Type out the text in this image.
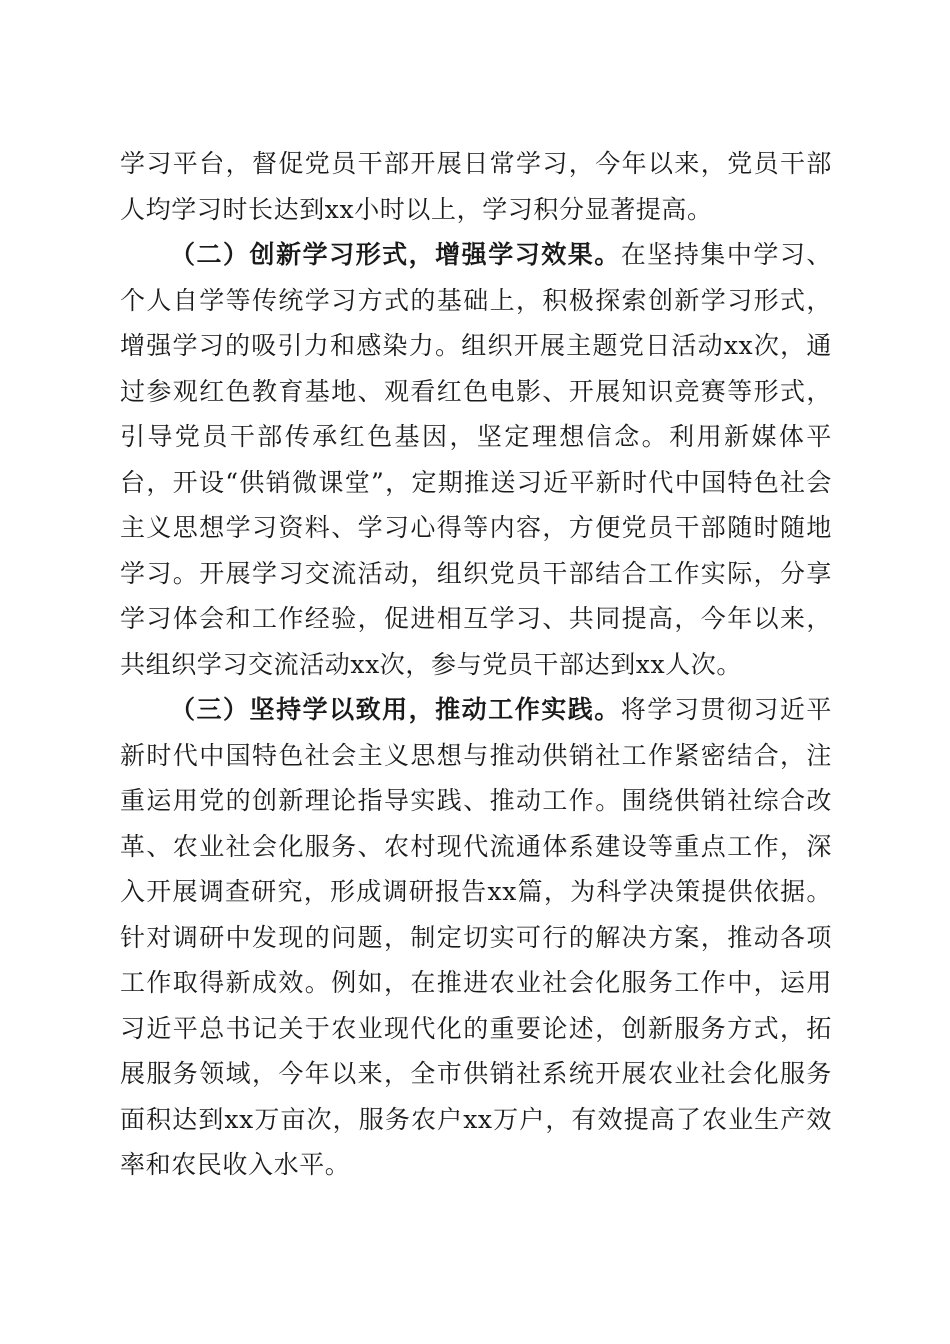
学习平台，督促党员干部开展日常学习，今年以来，党员干部人均学习时长达到xx小时以上，学习积分显著提高。

（二）创新学习形式，增强学习效果。在坚持集中学习、个人自学等传统学习方式的基础上，积极探索创新学习形式，增强学习的吸引力和感染力。组织开展主题党日活动xx次，通过参观红色教育基地、观看红色电影、开展知识竞赛等形式，引导党员干部传承红色基因，坚定理想信念。利用新媒体平台，开设“供销微课堂”，定期推送习近平新时代中国特色社会主义思想学习资料、学习心得等内容，方便党员干部随时随地学习。开展学习交流活动，组织党员干部结合工作实际，分享学习体会和工作经验，促进相互学习、共同提高，今年以来，共组织学习交流活动xx次，参与党员干部达到xx人次。

（三）坚持学以致用，推动工作实践。将学习贯彻习近平新时代中国特色社会主义思想与推动供销社工作紧密结合，注重运用党的创新理论指导实践、推动工作。围绕供销社综合改革、农业社会化服务、农村现代流通体系建设等重点工作，深入开展调查研究，形成调研报告xx篇，为科学决策提供依据。针对调研中发现的问题，制定切实可行的解决方案，推动各项工作取得新成效。例如，在推进农业社会化服务工作中，运用习近平总书记关于农业现代化的重要论述，创新服务方式，拓展服务领域，今年以来，全市供销社系统开展农业社会化服务面积达到xx万亩次，服务农户xx万户，有效提高了农业生产效率和农民收入水平。
